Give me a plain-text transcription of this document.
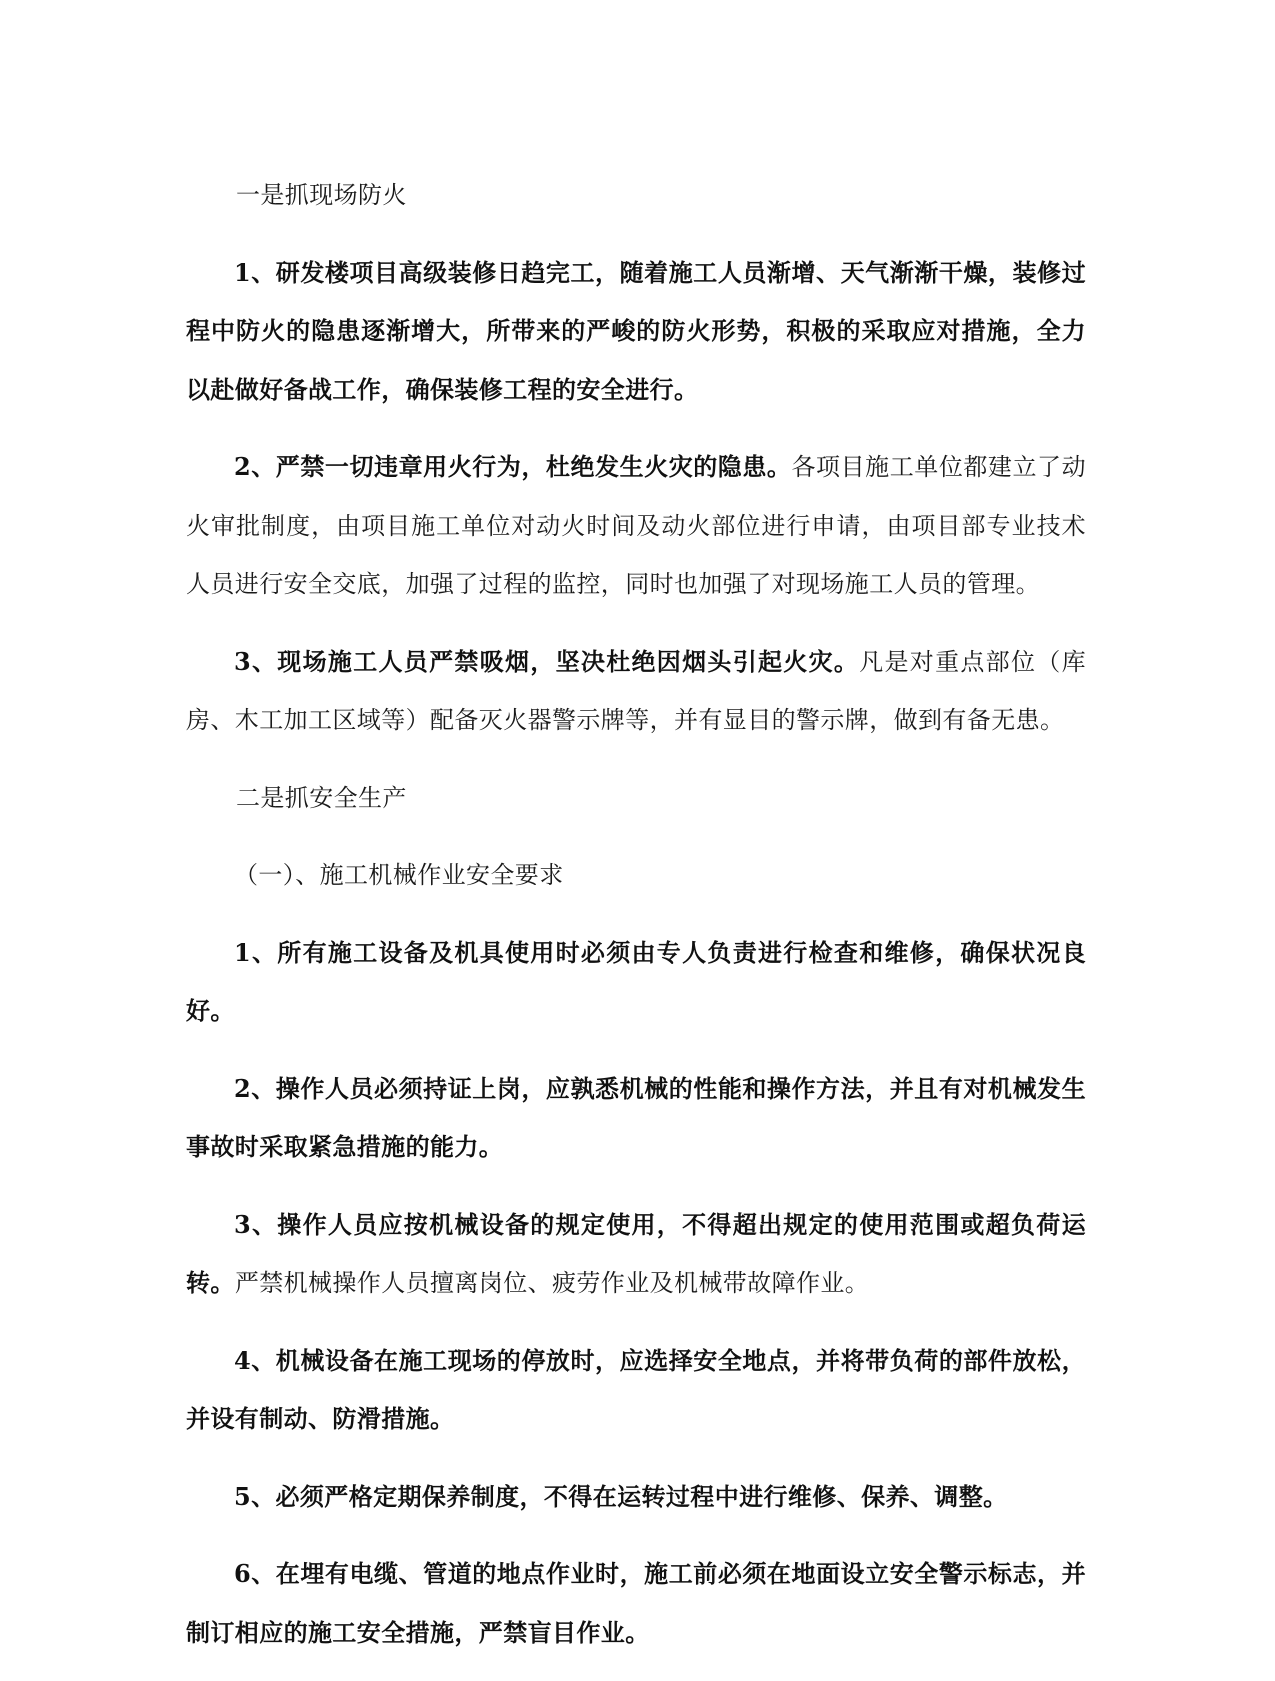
一是抓现场防火

1、研发楼项目高级装修日趋完工，随着施工人员渐增、天气渐渐干燥，装修过程中防火的隐患逐渐增大，所带来的严峻的防火形势，积极的采取应对措施，全力以赴做好备战工作，确保装修工程的安全进行。

2、严禁一切违章用火行为，杜绝发生火灾的隐患。各项目施工单位都建立了动火审批制度，由项目施工单位对动火时间及动火部位进行申请，由项目部专业技术人员进行安全交底，加强了过程的监控，同时也加强了对现场施工人员的管理。

3、现场施工人员严禁吸烟，坚决杜绝因烟头引起火灾。凡是对重点部位（库房、木工加工区域等）配备灭火器警示牌等，并有显目的警示牌，做到有备无患。

二是抓安全生产

（一）、施工机械作业安全要求

1、所有施工设备及机具使用时必须由专人负责进行检查和维修，确保状况良好。

2、操作人员必须持证上岗，应孰悉机械的性能和操作方法，并且有对机械发生事故时采取紧急措施的能力。

3、操作人员应按机械设备的规定使用，不得超出规定的使用范围或超负荷运转。严禁机械操作人员擅离岗位、疲劳作业及机械带故障作业。

4、机械设备在施工现场的停放时，应选择安全地点，并将带负荷的部件放松，并设有制动、防滑措施。

5、必须严格定期保养制度，不得在运转过程中进行维修、保养、调整。

6、在埋有电缆、管道的地点作业时，施工前必须在地面设立安全警示标志，并制订相应的施工安全措施，严禁盲目作业。
